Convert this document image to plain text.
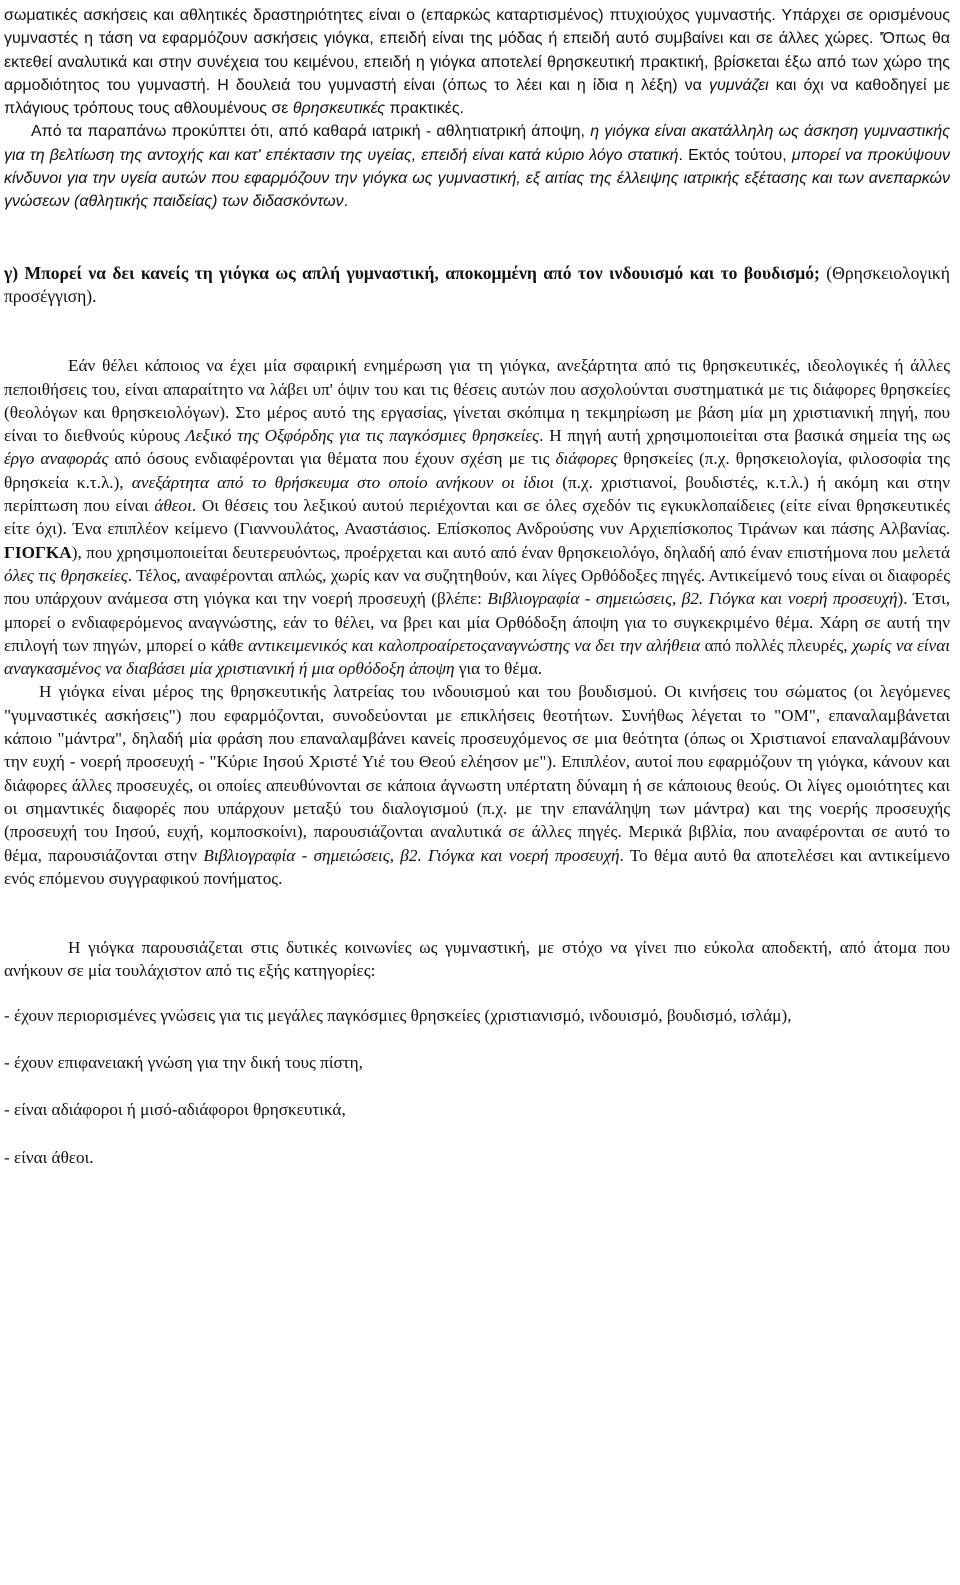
σωματικές ασκήσεις και αθλητικές δραστηριότητες είναι ο (επαρκώς καταρτισμένος) πτυχιούχος γυμναστής. Υπάρχει σε ορισμένους γυμναστές η τάση να εφαρμόζουν ασκήσεις γιόγκα, επειδή είναι της μόδας ή επειδή αυτό συμβαίνει και σε άλλες χώρες. 'Όπως θα εκτεθεί αναλυτικά και στην συνέχεια του κειμένου, επειδή η γιόγκα αποτελεί θρησκευτική πρακτική, βρίσκεται έξω από των χώρο της αρμοδιότητος του γυμναστή. Η δουλειά του γυμναστή είναι (όπως το λέει και η ίδια η λέξη) να γυμνάζει και όχι να καθοδηγεί με πλάγιους τρόπους τους αθλουμένους σε θρησκευτικές πρακτικές.

Από τα παραπάνω προκύπτει ότι, από καθαρά ιατρική - αθλητιατρική άποψη, η γιόγκα είναι ακατάλληλη ως άσκηση γυμναστικής για τη βελτίωση της αντοχής και κατ' επέκτασιν της υγείας, επειδή είναι κατά κύριο λόγο στατική. Εκτός τούτου, μπορεί να προκύψουν κίνδυνοι για την υγεία αυτών που εφαρμόζουν την γιόγκα ως γυμναστική, εξ αιτίας της έλλειψης ιατρικής εξέτασης και των ανεπαρκών γνώσεων (αθλητικής παιδείας) των διδασκόντων.

γ) Μπορεί να δει κανείς τη γιόγκα ως απλή γυμναστική, αποκομμένη από τον ινδουισμό και το βουδισμό; (Θρησκειολογική προσέγγιση).

Εάν θέλει κάποιος να έχει μία σφαιρική ενημέρωση για τη γιόγκα, ανεξάρτητα από τις θρησκευτικές, ιδεολογικές ή άλλες πεποιθήσεις του, είναι απαραίτητο να λάβει υπ' όψιν του και τις θέσεις αυτών που ασχολούνται συστηματικά με τις διάφορες θρησκείες (θεολόγων και θρησκειολόγων). Στο μέρος αυτό της εργασίας, γίνεται σκόπιμα η τεκμηρίωση με βάση μία μη χριστιανική πηγή, που είναι το διεθνούς κύρους Λεξικό της Οξφόρδης για τις παγκόσμιες θρησκείες. Η πηγή αυτή χρησιμοποιείται στα βασικά σημεία της ως έργο αναφοράς από όσους ενδιαφέρονται για θέματα που έχουν σχέση με τις διάφορες θρησκείες (π.χ. θρησκειολογία, φιλοσοφία της θρησκεία κ.τ.λ.), ανεξάρτητα από το θρήσκευμα στο οποίο ανήκουν οι ίδιοι (π.χ. χριστιανοί, βουδιστές, κ.τ.λ.) ή ακόμη και στην περίπτωση που είναι άθεοι. Οι θέσεις του λεξικού αυτού περιέχονται και σε όλες σχεδόν τις εγκυκλοπαίδειες (είτε είναι θρησκευτικές είτε όχι). Ένα επιπλέον κείμενο (Γιαννουλάτος, Αναστάσιος. Επίσκοπος Ανδρούσης νυν Αρχιεπίσκοπος Τιράνων και πάσης Αλβανίας. ΓΙΟΓΚΑ), που χρησιμοποιείται δευτερευόντως, προέρχεται και αυτό από έναν θρησκειολόγο, δηλαδή από έναν επιστήμονα που μελετά όλες τις θρησκείες. Τέλος, αναφέρονται απλώς, χωρίς καν να συζητηθούν, και λίγες Ορθόδοξες πηγές. Αντικείμενό τους είναι οι διαφορές που υπάρχουν ανάμεσα στη γιόγκα και την νοερή προσευχή (βλέπε: Βιβλιογραφία - σημειώσεις, β2. Γιόγκα και νοερή προσευχή). Έτσι, μπορεί ο ενδιαφερόμενος αναγνώστης, εάν το θέλει, να βρει και μία Ορθόδοξη άποψη για το συγκεκριμένο θέμα. Χάρη σε αυτή την επιλογή των πηγών, μπορεί ο κάθε αντικειμενικός και καλοπροαίρετοςαναγνώστης να δει την αλήθεια από πολλές πλευρές, χωρίς να είναι αναγκασμένος να διαβάσει μία χριστιανική ή μια ορθόδοξη άποψη για το θέμα.

Η γιόγκα είναι μέρος της θρησκευτικής λατρείας του ινδουισμού και του βουδισμού. Οι κινήσεις του σώματος (οι λεγόμενες "γυμναστικές ασκήσεις") που εφαρμόζονται, συνοδεύονται με επικλήσεις θεοτήτων. Συνήθως λέγεται το "ΟΜ", επαναλαμβάνεται κάποιο "μάντρα", δηλαδή μία φράση που επαναλαμβάνει κανείς προσευχόμενος σε μια θεότητα (όπως οι Χριστιανοί επαναλαμβάνουν την ευχή - νοερή προσευχή - "Κύριε Ιησού Χριστέ Υιέ του Θεού ελέησον με"). Επιπλέον, αυτοί που εφαρμόζουν τη γιόγκα, κάνουν και διάφορες άλλες προσευχές, οι οποίες απευθύνονται σε κάποια άγνωστη υπέρτατη δύναμη ή σε κάποιους θεούς. Οι λίγες ομοιότητες και οι σημαντικές διαφορές που υπάρχουν μεταξύ του διαλογισμού (π.χ. με την επανάληψη των μάντρα) και της νοερής προσευχής (προσευχή του Ιησού, ευχή, κομποσκοίνι), παρουσιάζονται αναλυτικά σε άλλες πηγές. Μερικά βιβλία, που αναφέρονται σε αυτό το θέμα, παρουσιάζονται στην Βιβλιογραφία - σημειώσεις, β2. Γιόγκα και νοερή προσευχή. Το θέμα αυτό θα αποτελέσει και αντικείμενο ενός επόμενου συγγραφικού πονήματος.

Η γιόγκα παρουσιάζεται στις δυτικές κοινωνίες ως γυμναστική, με στόχο να γίνει πιο εύκολα αποδεκτή, από άτομα που ανήκουν σε μία τουλάχιστον από τις εξής κατηγορίες:

- έχουν περιορισμένες γνώσεις για τις μεγάλες παγκόσμιες θρησκείες (χριστιανισμό, ινδουισμό, βουδισμό, ισλάμ),

- έχουν επιφανειακή γνώση για την δική τους πίστη,

- είναι αδιάφοροι ή μισό-αδιάφοροι θρησκευτικά,

- είναι άθεοι.
